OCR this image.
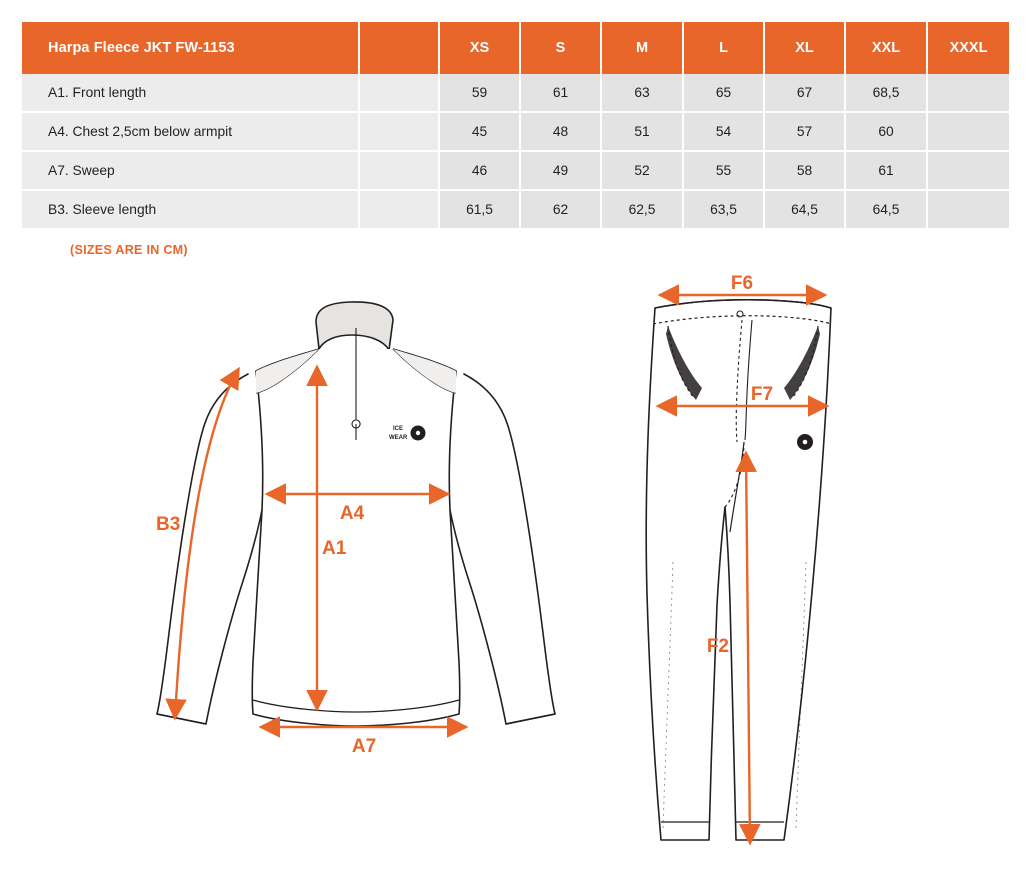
Harpa Fleece JKT FW-1153		XS	S	M	L	XL	XXL	XXXL
A1. Front length		59	61	63	65	67	68,5	
A4. Chest 2,5cm below armpit		45	48	51	54	57	60	
A7. Sweep		46	49	52	55	58	61	
B3. Sleeve length		61,5	62	62,5	63,5	64,5	64,5	
(SIZES ARE IN CM)
ICE
WEAR
B3
A4
A1
A7
F6
F7
F2
